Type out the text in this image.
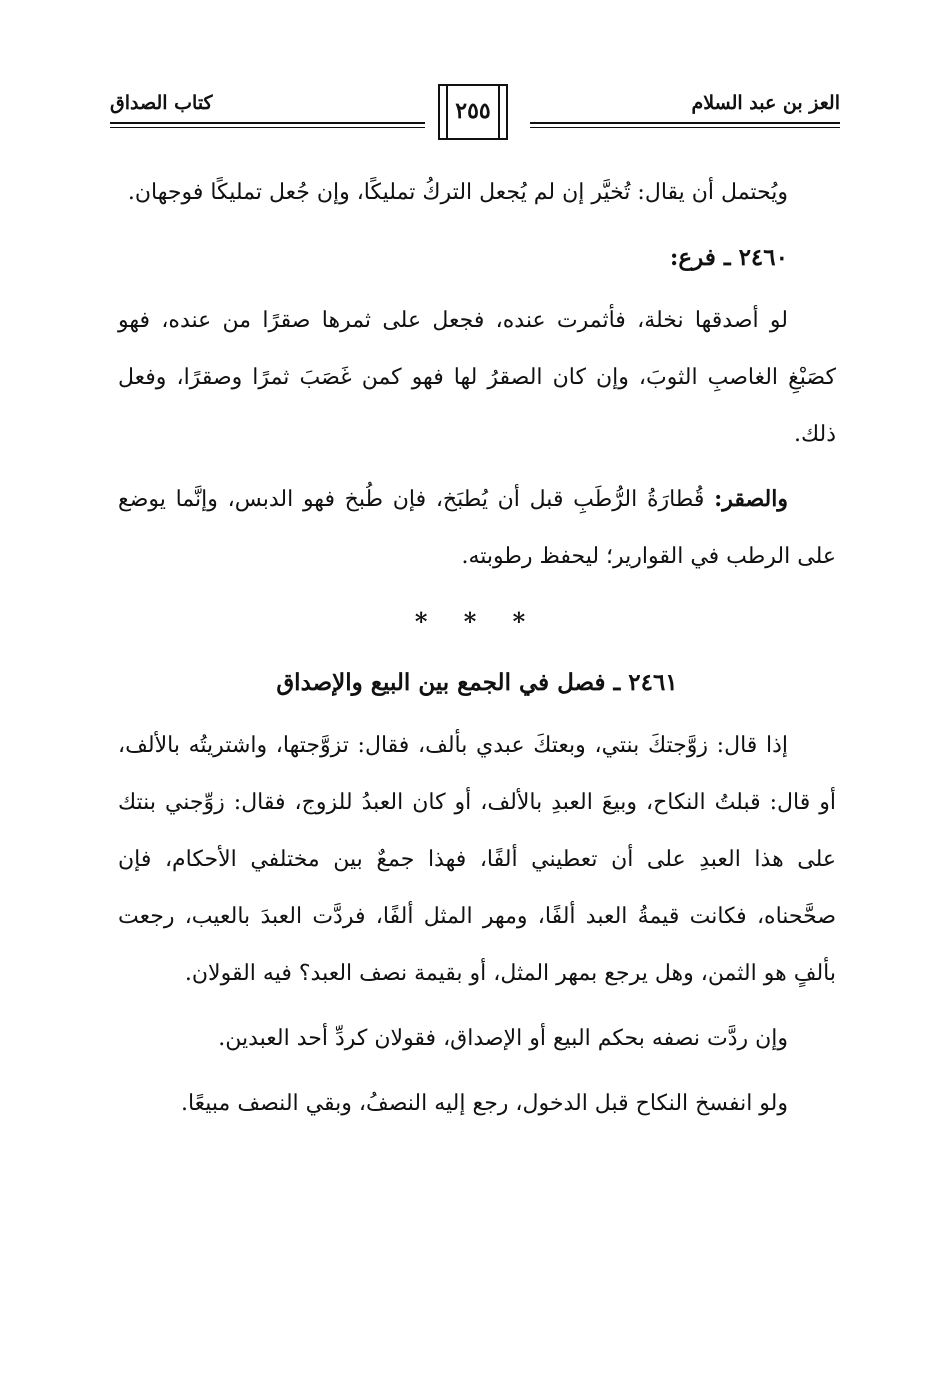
العز بن عبد السلام
٢٥٥
كتاب الصداق

ويُحتمل أن يقال: تُخيَّر إن لم يُجعل التركُ تمليكًا، وإن جُعل تمليكًا فوجهان.

٢٤٦٠ ـ فرع:

لو أصدقها نخلة، فأثمرت عنده، فجعل على ثمرها صقرًا من عنده، فهو كصَبْغِ الغاصبِ الثوبَ، وإن كان الصقرُ لها فهو كمن غَصَبَ ثمرًا وصقرًا، وفعل ذلك.

والصقر: قُطارَةُ الرُّطَبِ قبل أن يُطبَخ، فإن طُبخ فهو الدبس، وإنَّما يوضع على الرطب في القوارير؛ ليحفظ رطوبته.

* * *
٢٤٦١ ـ فصل في الجمع بين البيع والإصداق

إذا قال: زوَّجتكَ بنتي، وبعتكَ عبدي بألف، فقال: تزوَّجتها، واشتريتُه بالألف، أو قال: قبلتُ النكاح، وبيعَ العبدِ بالألف، أو كان العبدُ للزوج، فقال: زوِّجني بنتك على هذا العبدِ على أن تعطيني ألفًا، فهذا جمعٌ بين مختلفي الأحكام، فإن صحَّحناه، فكانت قيمةُ العبد ألفًا، ومهر المثل ألفًا، فردَّت العبدَ بالعيب، رجعت بألفٍ هو الثمن، وهل يرجع بمهر المثل، أو بقيمة نصف العبد؟ فيه القولان.

وإن ردَّت نصفه بحكم البيع أو الإصداق، فقولان كردِّ أحد العبدين.

ولو انفسخ النكاح قبل الدخول، رجع إليه النصفُ، وبقي النصف مبيعًا.
